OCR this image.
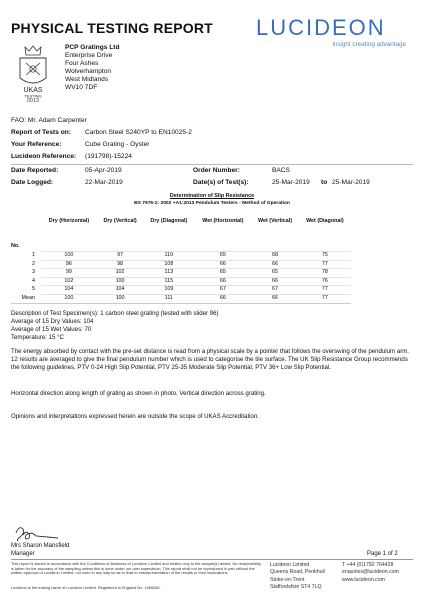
PHYSICAL TESTING REPORT LUCIDEON
insight creating advantage
UKAS
TESTING
0013
PCP Gratings Ltd
Enterprise Drive
Four Ashes
Wolverhampton
West Midlands
WV10 7DF
FAO: Mr. Adam Carpenter
Report of Tests on: Carbon Steel S240YP to EN10025-2
Your Reference:	Cube Grating - Oyster
Lucideon Reference: (191798)-15224
Date Reported:	05-Apr-2019
Date Logged:	22-Mar-2019
Order Number:	BACS
Date(s) of Test(s):	25-Mar-2019 to 25-Mar-2019
Determination of Slip Resistance
BS 7976-2: 2002 +A1:2013 Pendulum Testers - Method of Operation
	Dry (Horizontal)	Dry (Vertical)	Dry (Diagonal)	Wet (Horizontal)	Wet (Vertical)	Wet (Diagonal)

No.						
1	100	97	110	65	68	75
2	96	98	108	66	66	77
3	99	102	113	65	65	78
4	102	100	115	66	66	76
5	104	104	109	67	67	77
Mean	100	100	111	66	66	77
Description of Test Specimen(s): 1 carbon steel grating (tested with slider 96)
Average of 15 Dry Values: 104
Average of 15 Wet Values: 70
Temperature: 15 °C
The energy absorbed by contact with the pre-set distance is read from a physical scale by a pointer that follows the overswing of the pendulum arm. 12 results are averaged to give the final pendulum number which is used to categorise the tile surface. The UK Slip Resistance Group recommends the following guidelines, PTV 0-24 High Slip Potential, PTV 25-35 Moderate Slip Potential, PTV 36+ Low Slip Potential.
Horizontal direction along length of grating as shown in photo. Vertical direction across grating.
Opinions and interpretations expressed herein are outside the scope of UKAS Accreditation.
Mrs Sharon Mansfield
Manager	Page 1 of 2
This report is issued in accordance with the Conditions of Business of Lucideon Limited and relates only to the sample(s) tested. No responsibility is taken for the accuracy of the sampling unless this is done under our own supervision. This report shall not be reproduced in part without the written approval of Lucideon Limited, nor used in any way so as to lead to misrepresentation of the results or their implications.
Lucideon is the trading name of Lucideon Limited. Registered in England No. 1965455.
Lucideon Limited
Queens Road, Penkhull
Stoke-on-Trent
Staffordshire ST4 7LQ
T +44 (0)1782 764428
enquiries@lucideon.com
www.lucideon.com
